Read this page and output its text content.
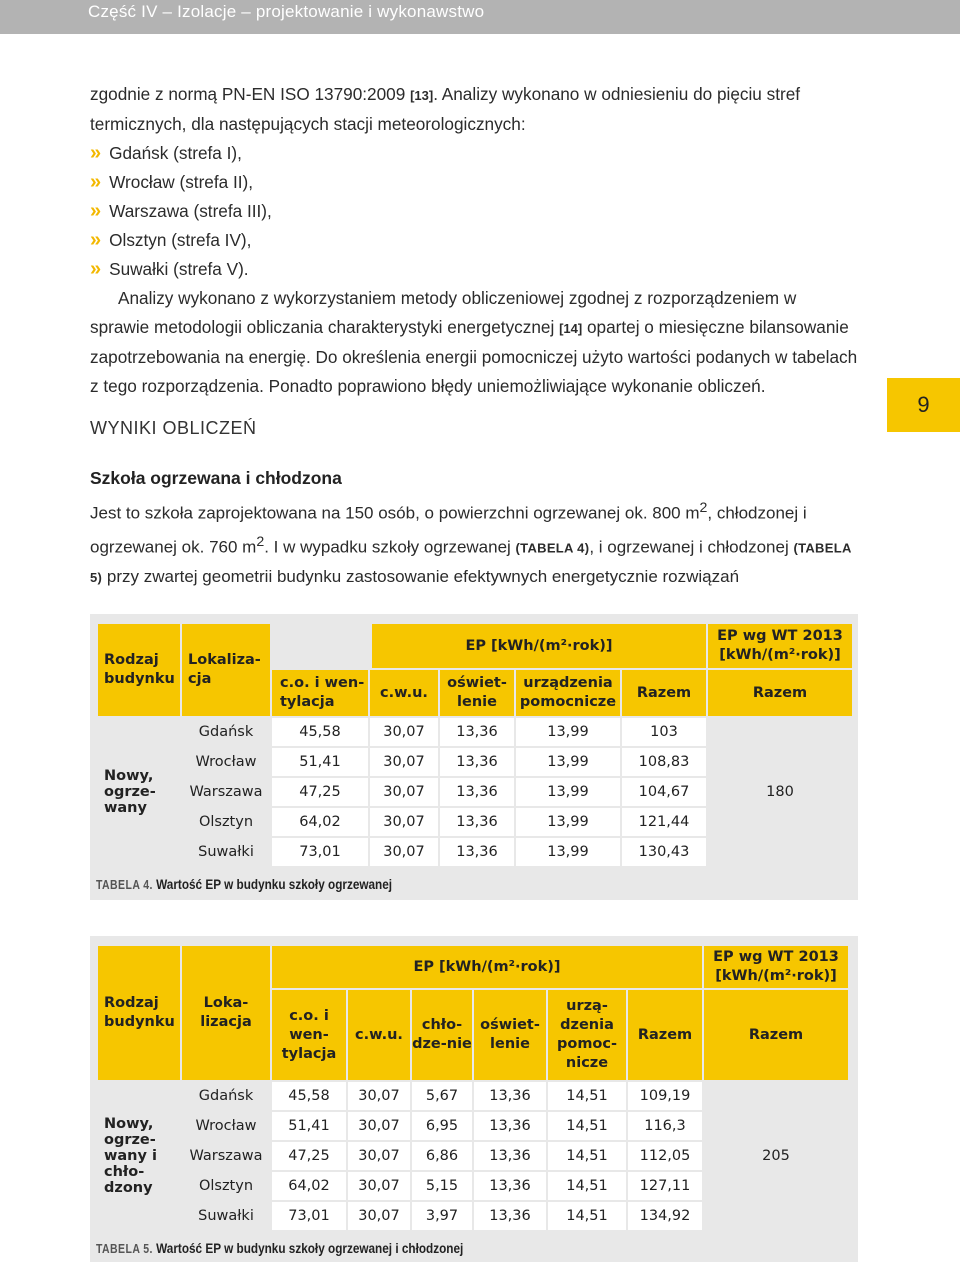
Część IV – Izolacje – projektowanie i wykonawstwo
9

zgodnie z normą PN-EN ISO 13790:2009 [13]. Analizy wykonano w odniesieniu do pięciu stref termicznych, dla następujących stacji meteorologicznych:

» Gdańsk (strefa I),
» Wrocław (strefa II),
» Warszawa (strefa III),
» Olsztyn (strefa IV),
» Suwałki (strefa V).

Analizy wykonano z wykorzystaniem metody obliczeniowej zgodnej z rozporządzeniem w sprawie metodologii obliczania charakterystyki energetycznej [14] opartej o miesięczne bilansowanie zapotrzebowania na energię. Do określenia energii pomocniczej użyto wartości podanych w tabelach z tego rozporządzenia. Ponadto poprawiono błędy uniemożliwiające wykonanie obliczeń.

WYNIKI OBLICZEŃ
Szkoła ogrzewana i chłodzona

Jest to szkoła zaprojektowana na 150 osób, o powierzchni ogrzewanej ok. 800 $m^2$, chłodzonej i ogrzewanej ok. 760 $m^2$. I w wypadku szkoły ogrzewanej (TABELA 4), i ogrzewanej i chłodzonej (TABELA 5) przy zwartej geometrii budynku zastosowanie efektywnych energetycznie rozwiązań

Rodzaj budynku	Lokaliza-cja	EP [kWh/(m²·rok)]					EP wg WT 2013 [kWh/(m²·rok)]
		c.o. i wen-tylacja	c.w.u.	oświet-lenie	urządzenia pomocnicze	Razem	Razem
Nowy, ogrze-wany	Gdańsk	45,58	30,07	13,36	13,99	103	180
	Wrocław	51,41	30,07	13,36	13,99	108,83	
	Warszawa	47,25	30,07	13,36	13,99	104,67	
	Olsztyn	64,02	30,07	13,36	13,99	121,44	
	Suwałki	73,01	30,07	13,36	13,99	130,43	
TABELA 4. Wartość EP w budynku szkoły ogrzewanej
Rodzaj budynku	Loka-lizacja	EP [kWh/(m²·rok)]						EP wg WT 2013 [kWh/(m²·rok)]
		c.o. i wen-tylacja	c.w.u.	chło-dze-nie	oświet-lenie	urzą-dzenia pomoc-nicze	Razem	Razem
Nowy, ogrze-wany i chło-dzony	Gdańsk	45,58	30,07	5,67	13,36	14,51	109,19	205
	Wrocław	51,41	30,07	6,95	13,36	14,51	116,3	
	Warszawa	47,25	30,07	6,86	13,36	14,51	112,05	
	Olsztyn	64,02	30,07	5,15	13,36	14,51	127,11	
	Suwałki	73,01	30,07	3,97	13,36	14,51	134,92	
TABELA 5. Wartość EP w budynku szkoły ogrzewanej i chłodzonej
